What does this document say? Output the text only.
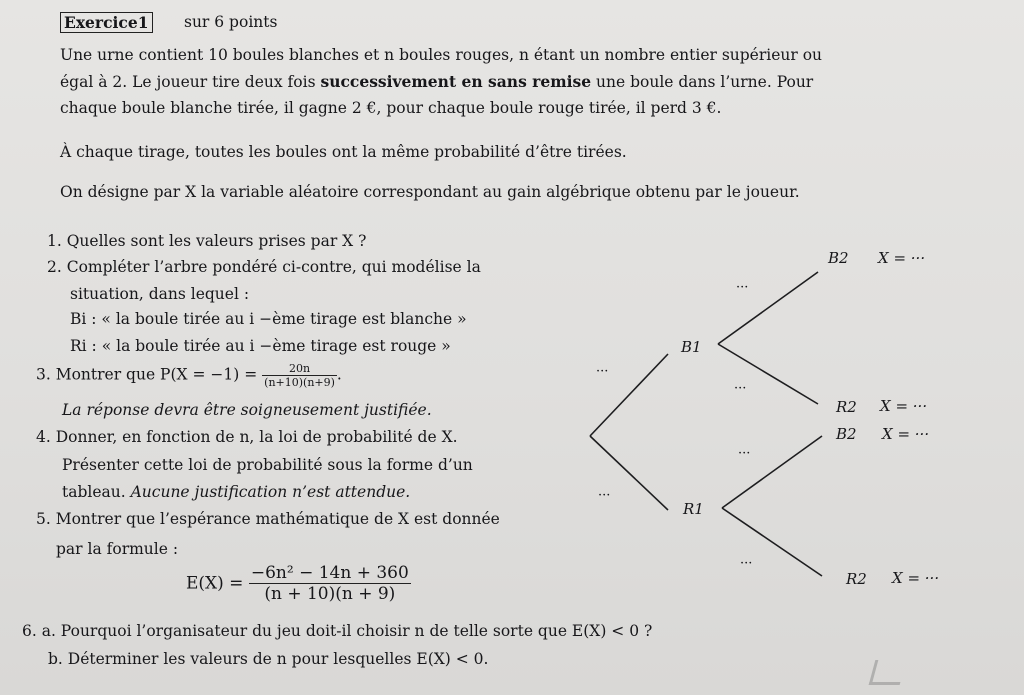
Exercice1 sur 6 points
Une urne contient 10 boules blanches et n boules rouges, n étant un nombre entier supérieur ou
égal à 2. Le joueur tire deux fois successivement en sans remise une boule dans l’urne. Pour
chaque boule blanche tirée, il gagne 2 €, pour chaque boule rouge tirée, il perd 3 €.
À chaque tirage, toutes les boules ont la même probabilité d’être tirées.
On désigne par X la variable aléatoire correspondant au gain algébrique obtenu par le joueur.
1. Quelles sont les valeurs prises par X ?
2. Compléter l’arbre pondéré ci-contre, qui modélise la
situation, dans lequel :
Bi : « la boule tirée au i −ème tirage est blanche »
Ri : « la boule tirée au i −ème tirage est rouge »
3. Montrer que $P(X = -1) = \frac{20n}{(n+10)(n+9)}$ .
La réponse devra être soigneusement justifiée.
4. Donner, en fonction de n, la loi de probabilité de X.
Présenter cette loi de probabilité sous la forme d’un
tableau. Aucune justification n’est attendue.
5. Montrer que l’espérance mathématique de X est donnée
par la formule :
$E(X) = \frac{\text{−6n² − 14n + 360}}{(n + 10)(n + 9)}$
6. a. Pourquoi l’organisateur du jeu doit-il choisir n de telle sorte que E(X) < 0 ?
b. Déterminer les valeurs de n pour lesquelles E(X) < 0.
B1
R1
B2
R2
B2
R2
X = ···
X = ···
X = ···
X = ···
···
···
···
···
···
···
